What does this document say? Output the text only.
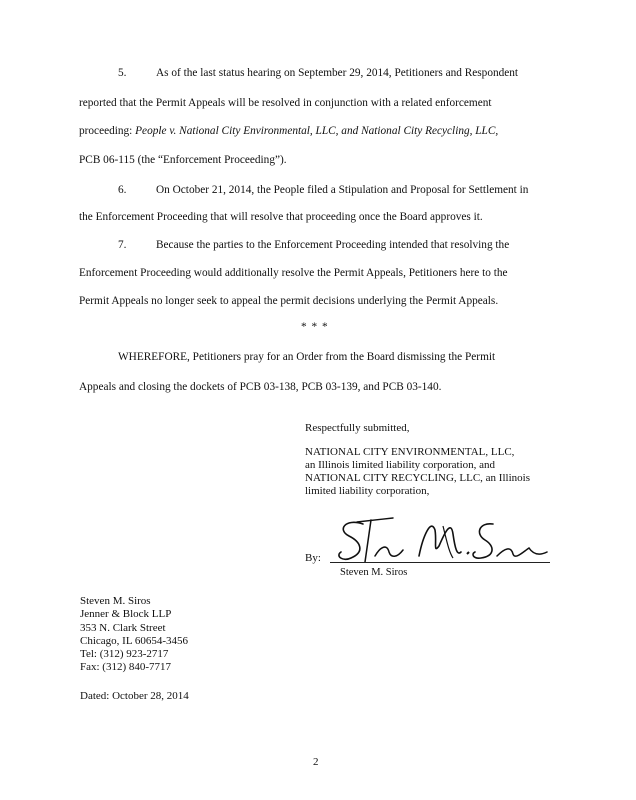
5.	As of the last status hearing on September 29, 2014, Petitioners and Respondent
reported that the Permit Appeals will be resolved in conjunction with a related enforcement
proceeding: People v. National City Environmental, LLC, and National City Recycling, LLC,
PCB 06-115 (the “Enforcement Proceeding”).
6.	On October 21, 2014, the People filed a Stipulation and Proposal for Settlement in
the Enforcement Proceeding that will resolve that proceeding once the Board approves it.
7.	Because the parties to the Enforcement Proceeding intended that resolving the
Enforcement Proceeding would additionally resolve the Permit Appeals, Petitioners here to the
Permit Appeals no longer seek to appeal the permit decisions underlying the Permit Appeals.
* * *
WHEREFORE, Petitioners pray for an Order from the Board dismissing the Permit
Appeals and closing the dockets of PCB 03-138, PCB 03-139, and PCB 03-140.
Respectfully submitted,
NATIONAL CITY ENVIRONMENTAL, LLC,
an Illinois limited liability corporation, and
NATIONAL CITY RECYCLING, LLC, an Illinois
limited liability corporation,
By:
Steven M. Siros
Steven M. Siros
Jenner & Block LLP
353 N. Clark Street
Chicago, IL 60654-3456
Tel: (312) 923-2717
Fax: (312) 840-7717
Dated: October 28, 2014
2
